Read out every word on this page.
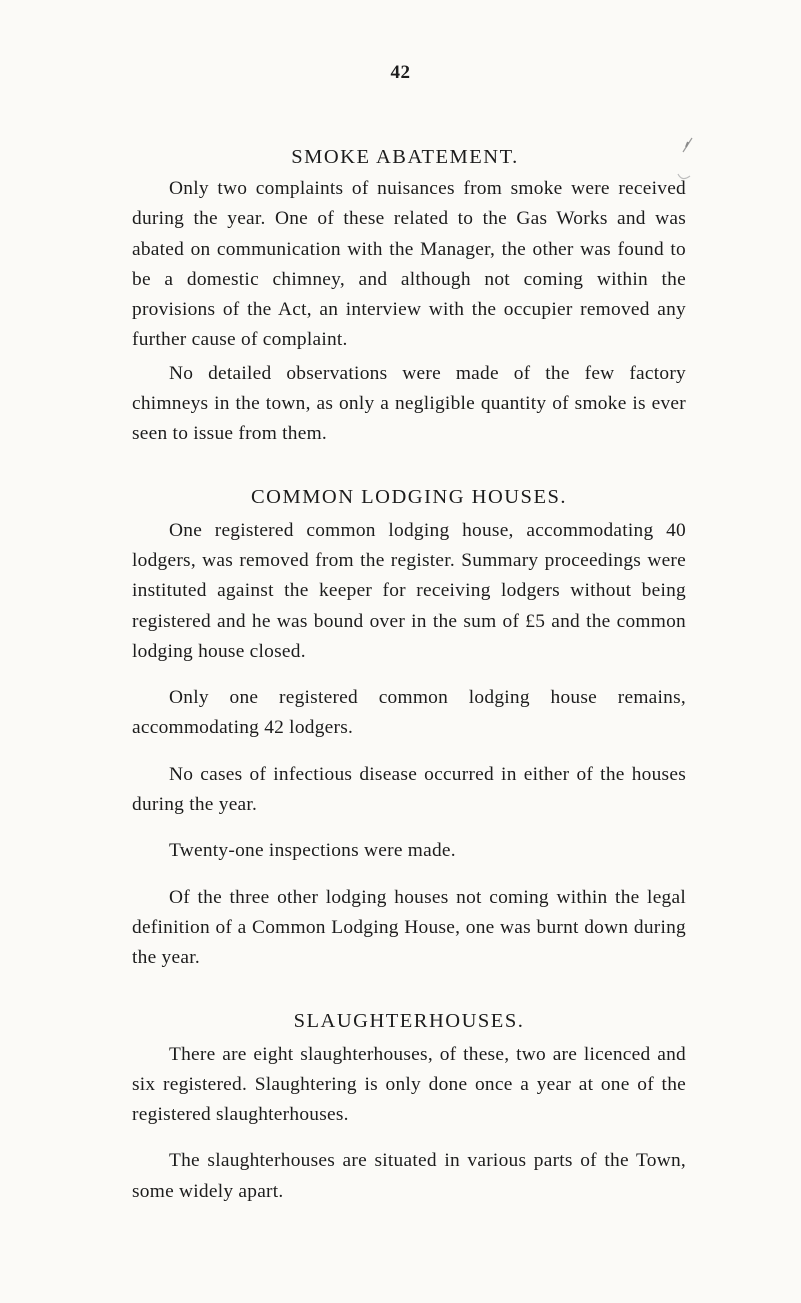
42
SMOKE ABATEMENT.

Only two complaints of nuisances from smoke were received during the year. One of these related to the Gas Works and was abated on communication with the Manager, the other was found to be a domestic chimney, and although not coming within the provisions of the Act, an interview with the occupier removed any further cause of complaint.

No detailed observations were made of the few factory chimneys in the town, as only a negligible quantity of smoke is ever seen to issue from them.

COMMON LODGING HOUSES.

One registered common lodging house, accommodating 40 lodgers, was removed from the register. Summary proceedings were instituted against the keeper for receiving lodgers without being registered and he was bound over in the sum of £5 and the common lodging house closed.

Only one registered common lodging house remains, accommodating 42 lodgers.

No cases of infectious disease occurred in either of the houses during the year.

Twenty-one inspections were made.

Of the three other lodging houses not coming within the legal definition of a Common Lodging House, one was burnt down during the year.

SLAUGHTERHOUSES.

There are eight slaughterhouses, of these, two are licenced and six registered. Slaughtering is only done once a year at one of the registered slaughterhouses.

The slaughterhouses are situated in various parts of the Town, some widely apart.
